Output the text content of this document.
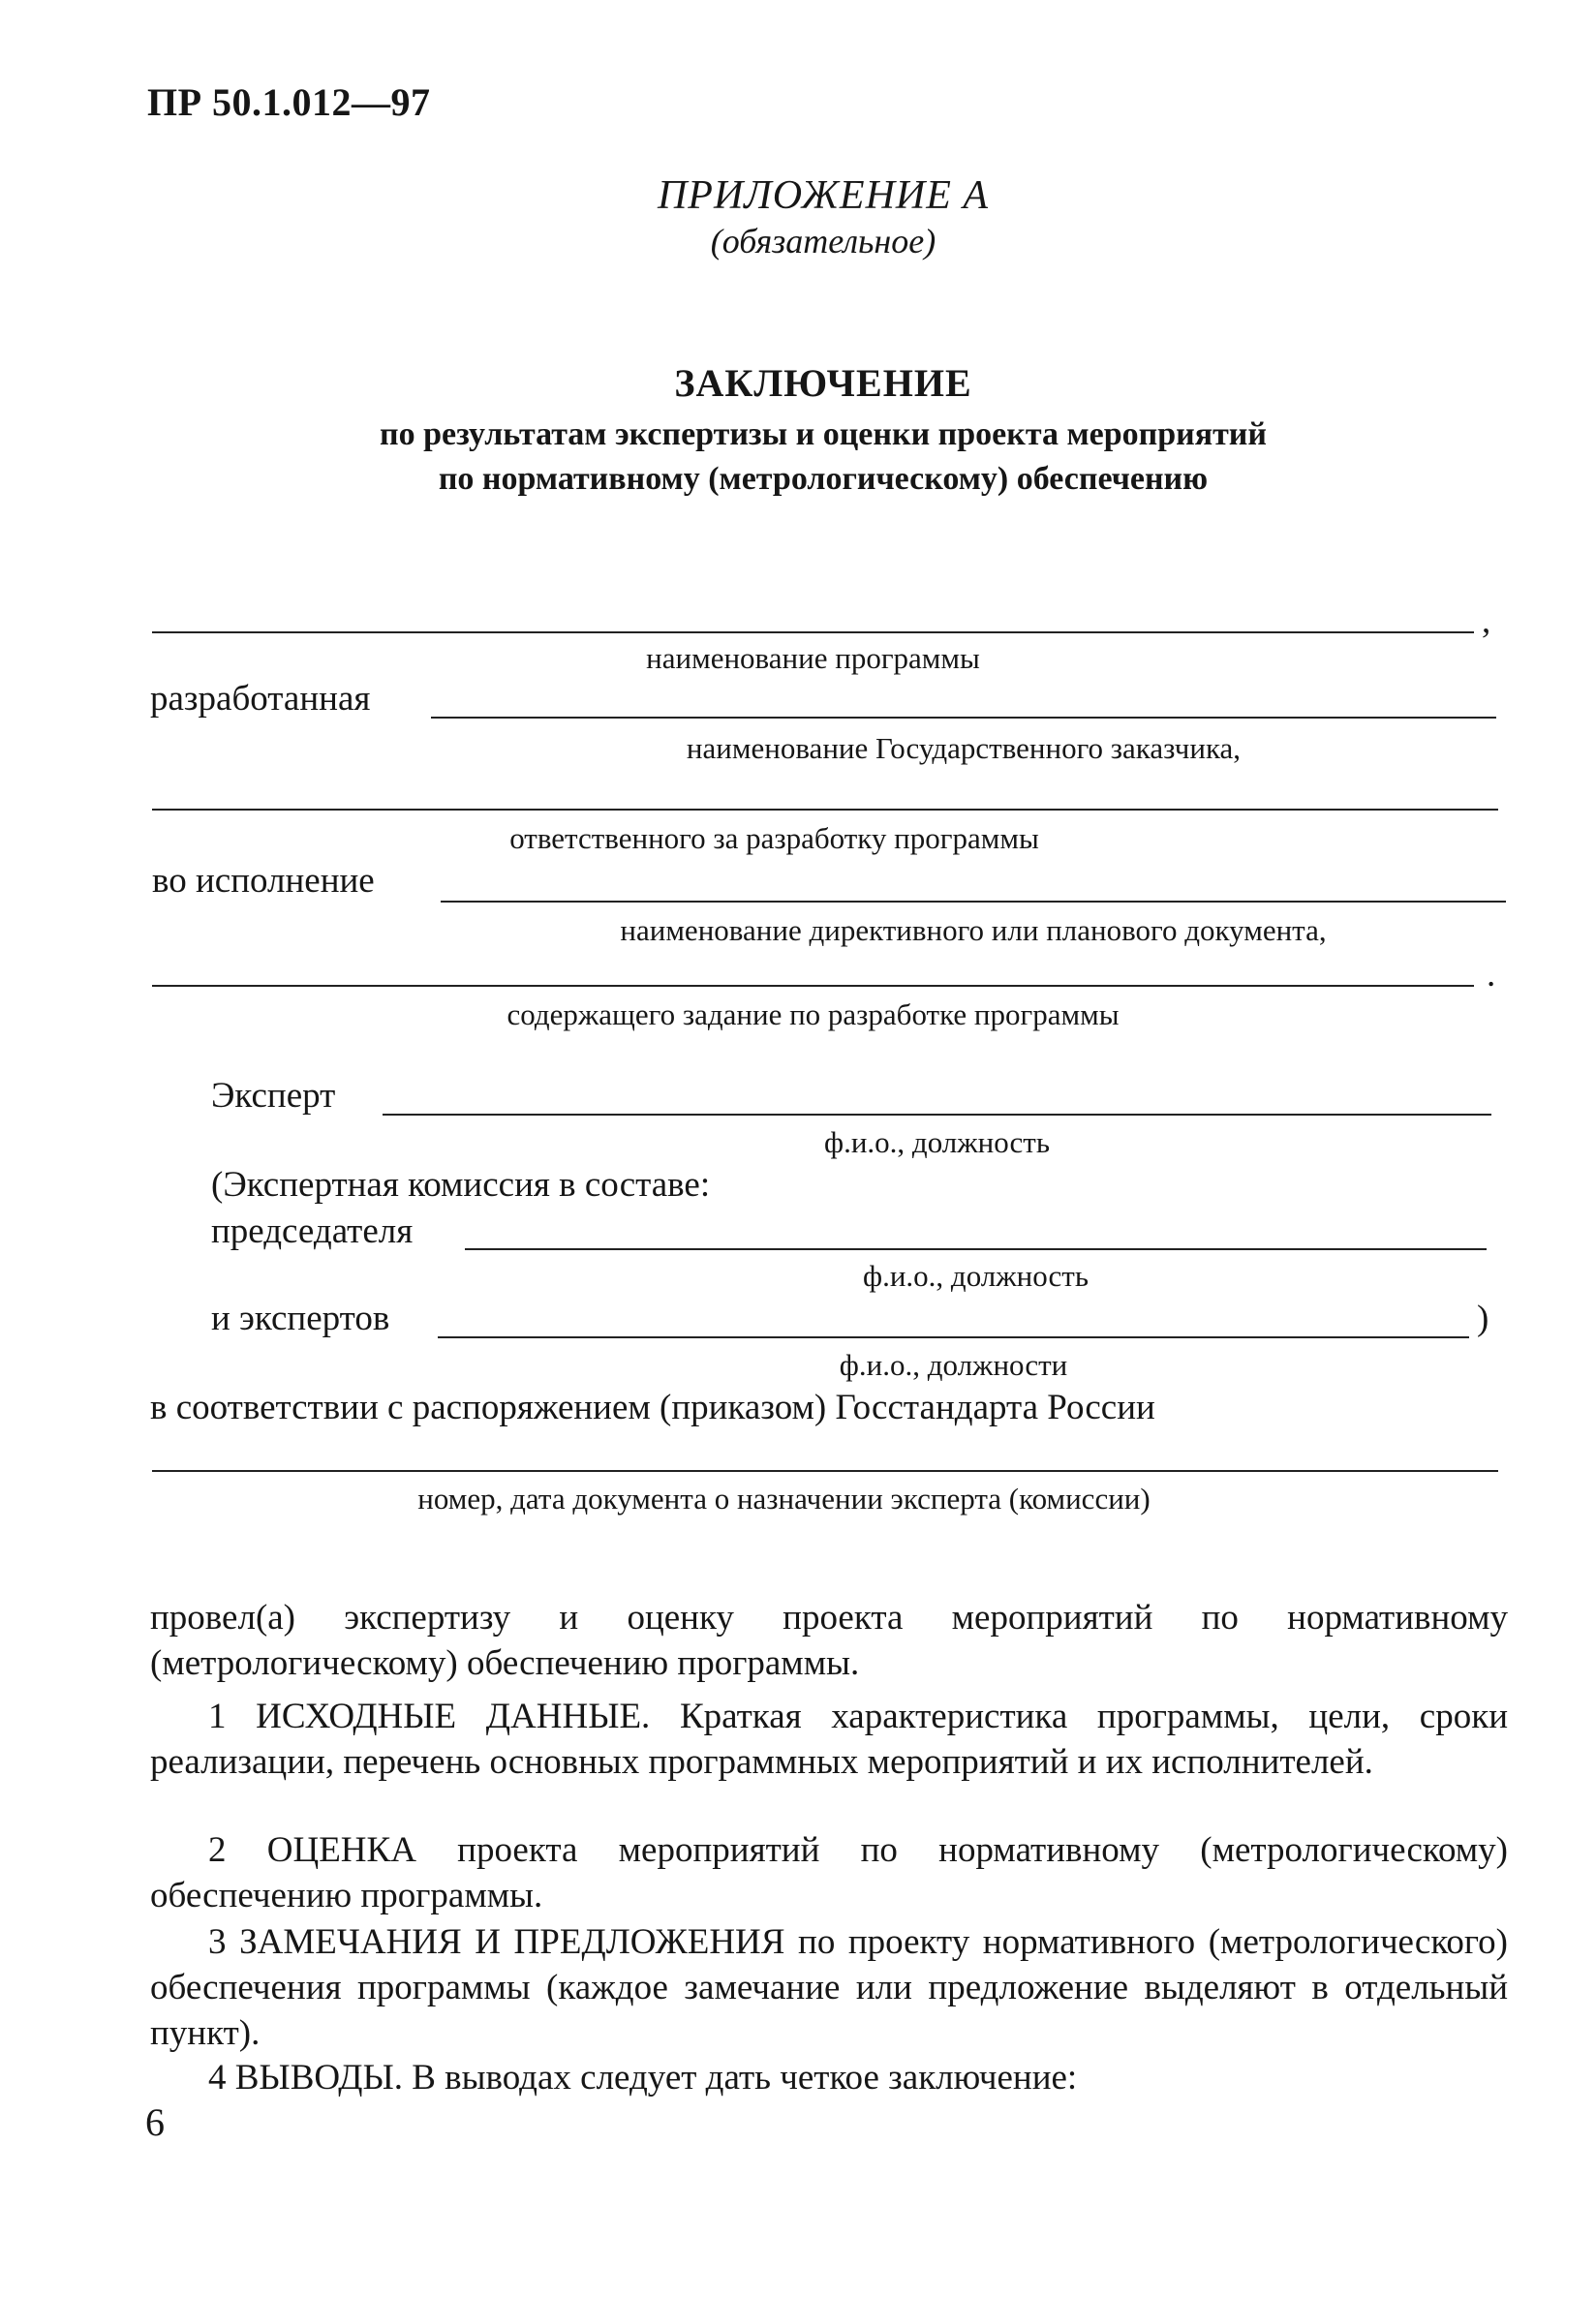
ПР 50.1.012—97

ПРИЛОЖЕНИЕ А

(обязательное)

ЗАКЛЮЧЕНИЕ

по результатам экспертизы и оценки проекта мероприятий

по нормативному (метрологическому) обеспечению

,
наименование программы
разработанная
наименование Государственного заказчика,
ответственного за разработку программы
во исполнение
наименование директивного или планового документа,
.
содержащего задание по разработке программы
Эксперт
ф.и.о., должность
(Экспертная комиссия в составе:
председателя
ф.и.о., должность
и экспертов	)
ф.и.о., должности
в соответствии с распоряжением (приказом) Госстандарта России
номер, дата документа о назначении эксперта (комиссии)

провел(а) экспертизу и оценку проекта мероприятий по нормативному (метрологическому) обеспечению программы.

1 ИСХОДНЫЕ ДАННЫЕ. Краткая характеристика программы, цели, сроки реализации, перечень основных программных мероприятий и их исполнителей.

2 ОЦЕНКА проекта мероприятий по нормативному (метрологическому) обеспечению программы.

3 ЗАМЕЧАНИЯ И ПРЕДЛОЖЕНИЯ по проекту нормативного (метрологического) обеспечения программы (каждое замечание или предложение выделяют в отдельный пункт).

4 ВЫВОДЫ. В выводах следует дать четкое заключение:

6
